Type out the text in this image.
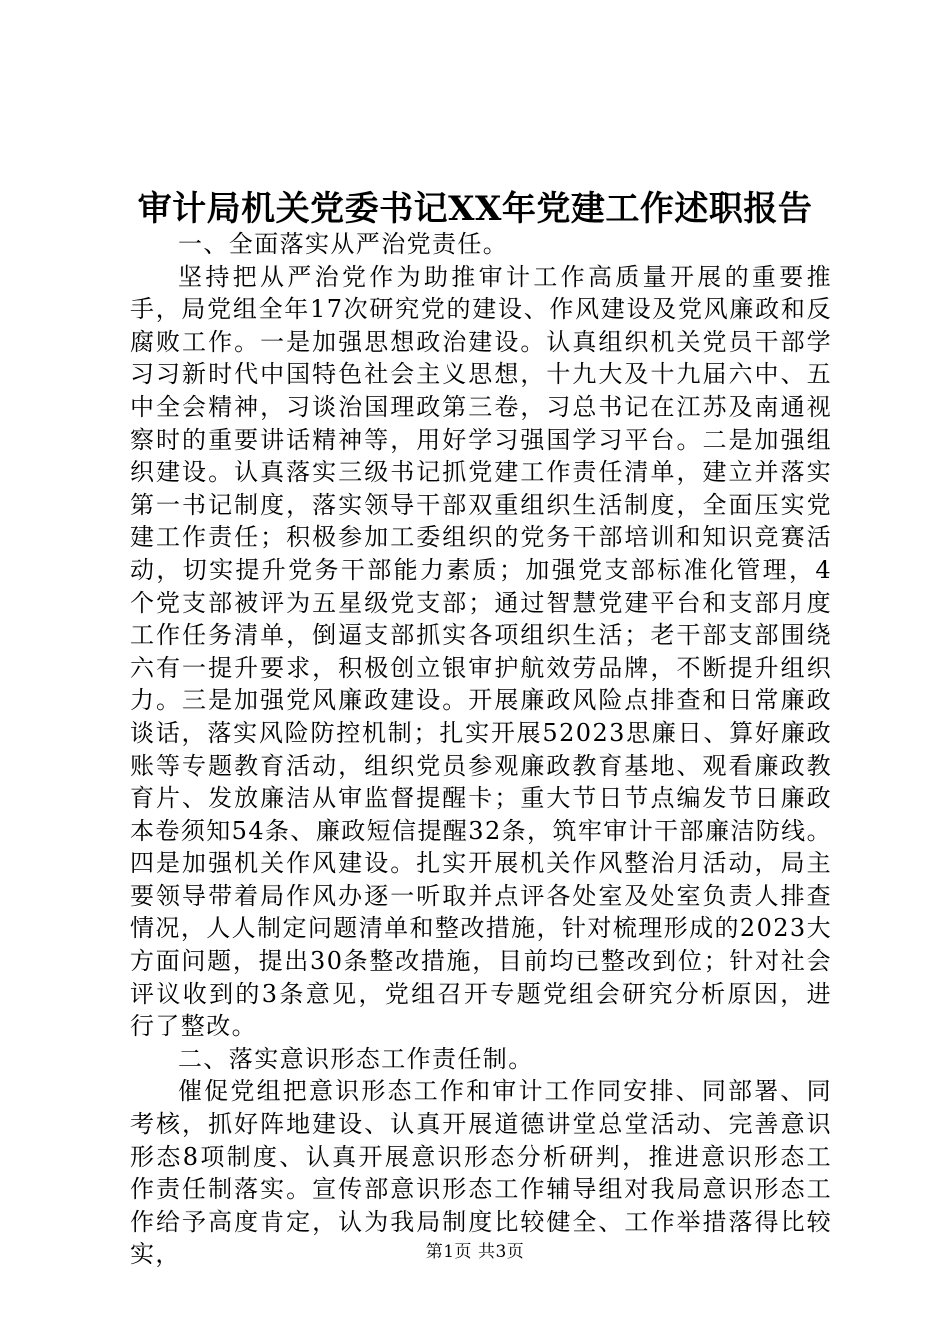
审计局机关党委书记XX年党建工作述职报告

一、全面落实从严治党责任。

坚持把从严治党作为助推审计工作高质量开展的重要推手，局党组全年17次研究党的建设、作风建设及党风廉政和反腐败工作。一是加强思想政治建设。认真组织机关党员干部学习习新时代中国特色社会主义思想，十九大及十九届六中、五中全会精神，习谈治国理政第三卷，习总书记在江苏及南通视察时的重要讲话精神等，用好学习强国学习平台。二是加强组织建设。认真落实三级书记抓党建工作责任清单，建立并落实第一书记制度，落实领导干部双重组织生活制度，全面压实党建工作责任；积极参加工委组织的党务干部培训和知识竞赛活动，切实提升党务干部能力素质；加强党支部标准化管理，4个党支部被评为五星级党支部；通过智慧党建平台和支部月度工作任务清单，倒逼支部抓实各项组织生活；老干部支部围绕六有一提升要求，积极创立银审护航效劳品牌，不断提升组织力。三是加强党风廉政建设。开展廉政风险点排查和日常廉政谈话，落实风险防控机制；扎实开展52023思廉日、算好廉政账等专题教育活动，组织党员参观廉政教育基地、观看廉政教育片、发放廉洁从审监督提醒卡；重大节日节点编发节日廉政本卷须知54条、廉政短信提醒32条，筑牢审计干部廉洁防线。四是加强机关作风建设。扎实开展机关作风整治月活动，局主要领导带着局作风办逐一听取并点评各处室及处室负责人排查情况，人人制定问题清单和整改措施，针对梳理形成的2023大方面问题，提出30条整改措施，目前均已整改到位；针对社会评议收到的3条意见，党组召开专题党组会研究分析原因，进行了整改。

二、落实意识形态工作责任制。

催促党组把意识形态工作和审计工作同安排、同部署、同考核，抓好阵地建设、认真开展道德讲堂总堂活动、完善意识形态8项制度、认真开展意识形态分析研判，推进意识形态工作责任制落实。宣传部意识形态工作辅导组对我局意识形态工作给予高度肯定，认为我局制度比较健全、工作举措落得比较实，	第1页 共3页
